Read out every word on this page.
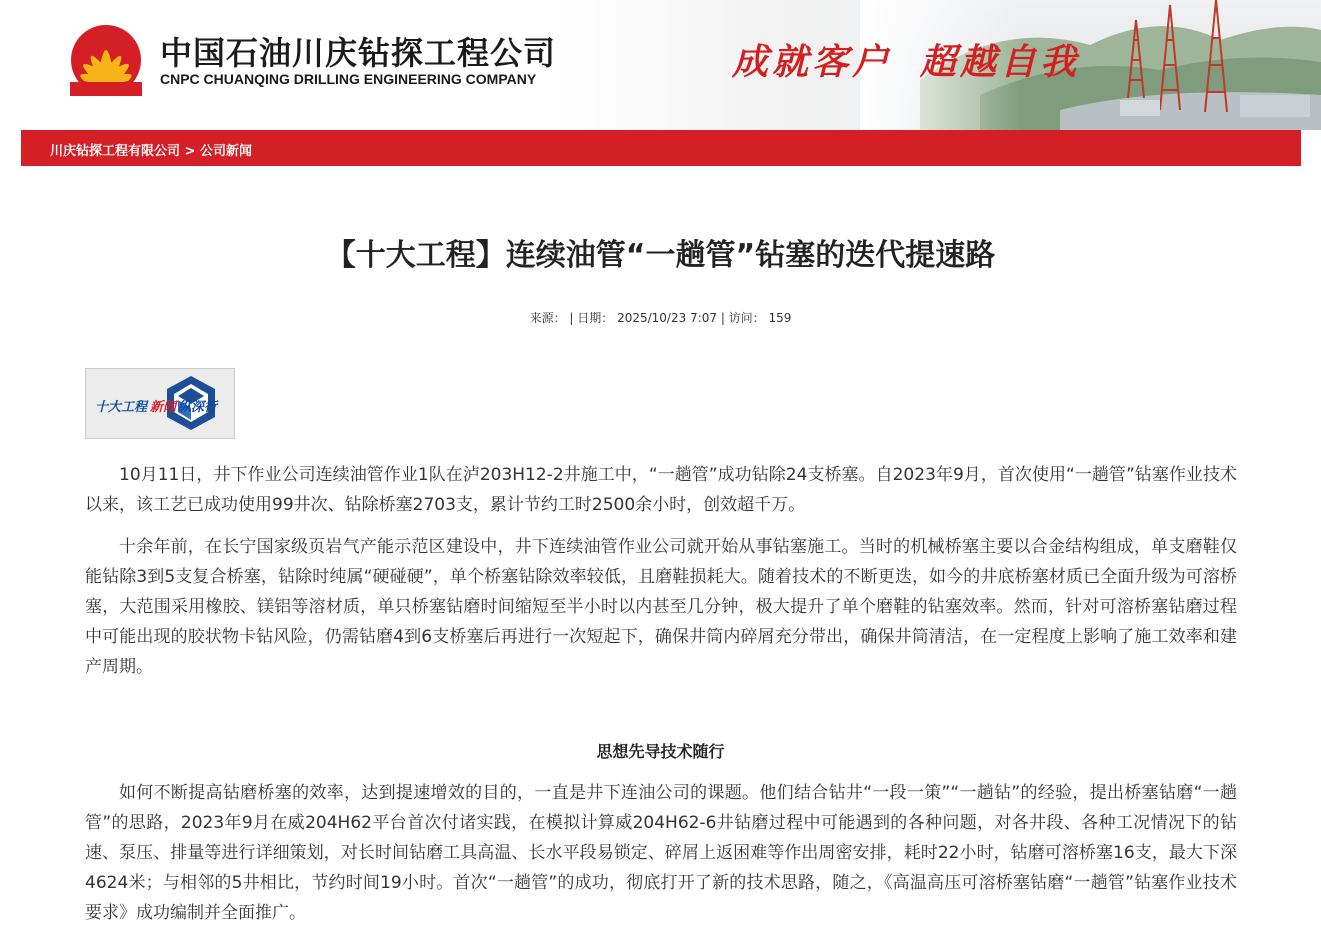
中国石油川庆钻探工程公司
CNPC CHUANQING DRILLING ENGINEERING COMPANY	成就客户 超越自我
川庆钻探工程有限公司 > 公司新闻
【十大工程】连续油管“一趟管”钻塞的迭代提速路
来源： | 日期： 2025/10/23 7:07 | 访问： 159
十大工程 新闻 纵深行

10月11日，井下作业公司连续油管作业1队在泸203H12-2井施工中，“一趟管”成功钻除24支桥塞。自2023年9月，首次使用“一趟管”钻塞作业技术以来，该工艺已成功使用99井次、钻除桥塞2703支，累计节约工时2500余小时，创效超千万。

十余年前，在长宁国家级页岩气产能示范区建设中，井下连续油管作业公司就开始从事钻塞施工。当时的机械桥塞主要以合金结构组成，单支磨鞋仅能钻除3到5支复合桥塞，钻除时纯属“硬碰硬”，单个桥塞钻除效率较低，且磨鞋损耗大。随着技术的不断更迭，如今的井底桥塞材质已全面升级为可溶桥塞，大范围采用橡胶、镁铝等溶材质，单只桥塞钻磨时间缩短至半小时以内甚至几分钟，极大提升了单个磨鞋的钻塞效率。然而，针对可溶桥塞钻磨过程中可能出现的胶状物卡钻风险，仍需钻磨4到6支桥塞后再进行一次短起下，确保井筒内碎屑充分带出，确保井筒清洁，在一定程度上影响了施工效率和建产周期。

思想先导技术随行

如何不断提高钻磨桥塞的效率，达到提速增效的目的，一直是井下连油公司的课题。他们结合钻井“一段一策”“一趟钻”的经验，提出桥塞钻磨“一趟管”的思路，2023年9月在威204H62平台首次付诸实践，在模拟计算威204H62-6井钻磨过程中可能遇到的各种问题，对各井段、各种工况情况下的钻速、泵压、排量等进行详细策划，对长时间钻磨工具高温、长水平段易锁定、碎屑上返困难等作出周密安排，耗时22小时，钻磨可溶桥塞16支，最大下深4624米；与相邻的5井相比，节约时间19小时。首次“一趟管”的成功，彻底打开了新的技术思路，随之，《高温高压可溶桥塞钻磨“一趟管”钻塞作业技术要求》成功编制并全面推广。
